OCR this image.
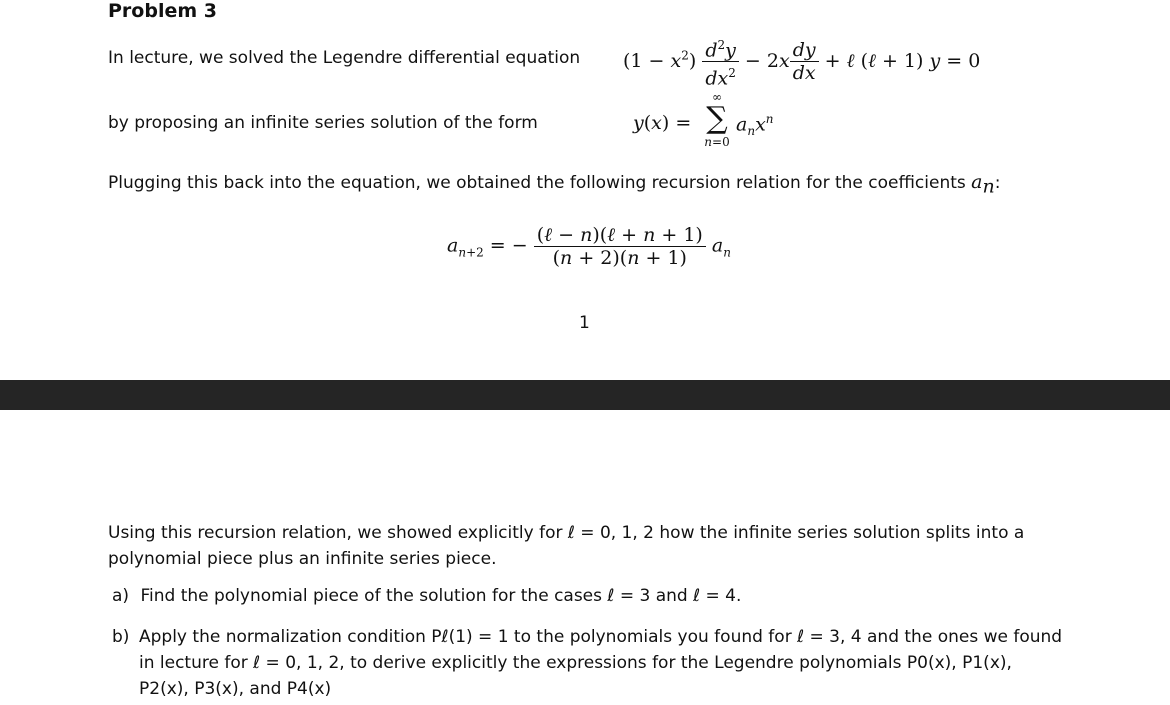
Problem 3
In lecture, we solved the Legendre differential equation $(1 - x^2) \frac{d^2y}{dx^2} - 2x \frac{dy}{dx}$ + ℓ (ℓ + 1) y = 0
by proposing an infinite series solution of the form	y(x) =
∞
∑
n=0
$a_nx^n$
Plugging this back into the equation, we obtained the following recursion relation for the coefficients $a_n$:
$a_{n+2}$ = − $\frac{\text{(ℓ − n)(ℓ + n + 1)}}{(n + 2)(n + 1)} a_n$
1
Using this recursion relation, we showed explicitly for ℓ = 0, 1, 2 how the infinite series solution splits into a polynomial piece plus an infinite series piece.
a) Find the polynomial piece of the solution for the cases ℓ = 3 and ℓ = 4.
b) Apply the normalization condition Pℓ(1) = 1 to the polynomials you found for ℓ = 3, 4 and the ones we found in lecture for ℓ = 0, 1, 2, to derive explicitly the expressions for the Legendre polynomials P0(x), P1(x), P2(x), P3(x), and P4(x)
